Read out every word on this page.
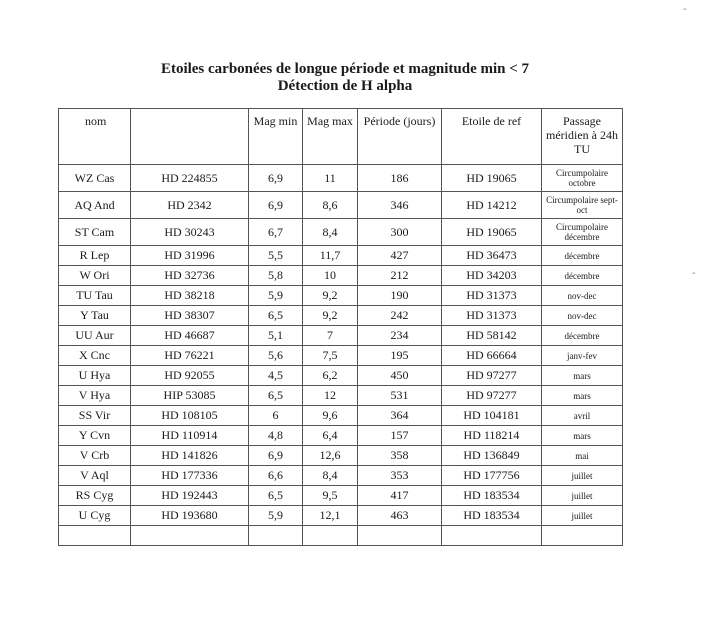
Etoiles carbonées de longue période et magnitude min < 7
Détection de H alpha
nom		Mag min	Mag max	Période (jours)	Etoile de ref	Passage méridien à 24h TU
WZ Cas	HD 224855	6,9	11	186	HD 19065	Circumpolaire octobre
AQ And	HD 2342	6,9	8,6	346	HD 14212	Circumpolaire sept-oct
ST Cam	HD 30243	6,7	8,4	300	HD 19065	Circumpolaire décembre
R Lep	HD 31996	5,5	11,7	427	HD 36473	décembre
W Ori	HD 32736	5,8	10	212	HD 34203	décembre
TU Tau	HD 38218	5,9	9,2	190	HD 31373	nov-dec
Y Tau	HD 38307	6,5	9,2	242	HD 31373	nov-dec
UU Aur	HD 46687	5,1	7	234	HD 58142	décembre
X Cnc	HD 76221	5,6	7,5	195	HD 66664	janv-fev
U Hya	HD 92055	4,5	6,2	450	HD 97277	mars
V Hya	HIP 53085	6,5	12	531	HD 97277	mars
SS Vir	HD 108105	6	9,6	364	HD 104181	avril
Y Cvn	HD 110914	4,8	6,4	157	HD 118214	mars
V Crb	HD 141826	6,9	12,6	358	HD 136849	mai
V Aql	HD 177336	6,6	8,4	353	HD 177756	juillet
RS Cyg	HD 192443	6,5	9,5	417	HD 183534	juillet
U Cyg	HD 193680	5,9	12,1	463	HD 183534	juillet

-
-
